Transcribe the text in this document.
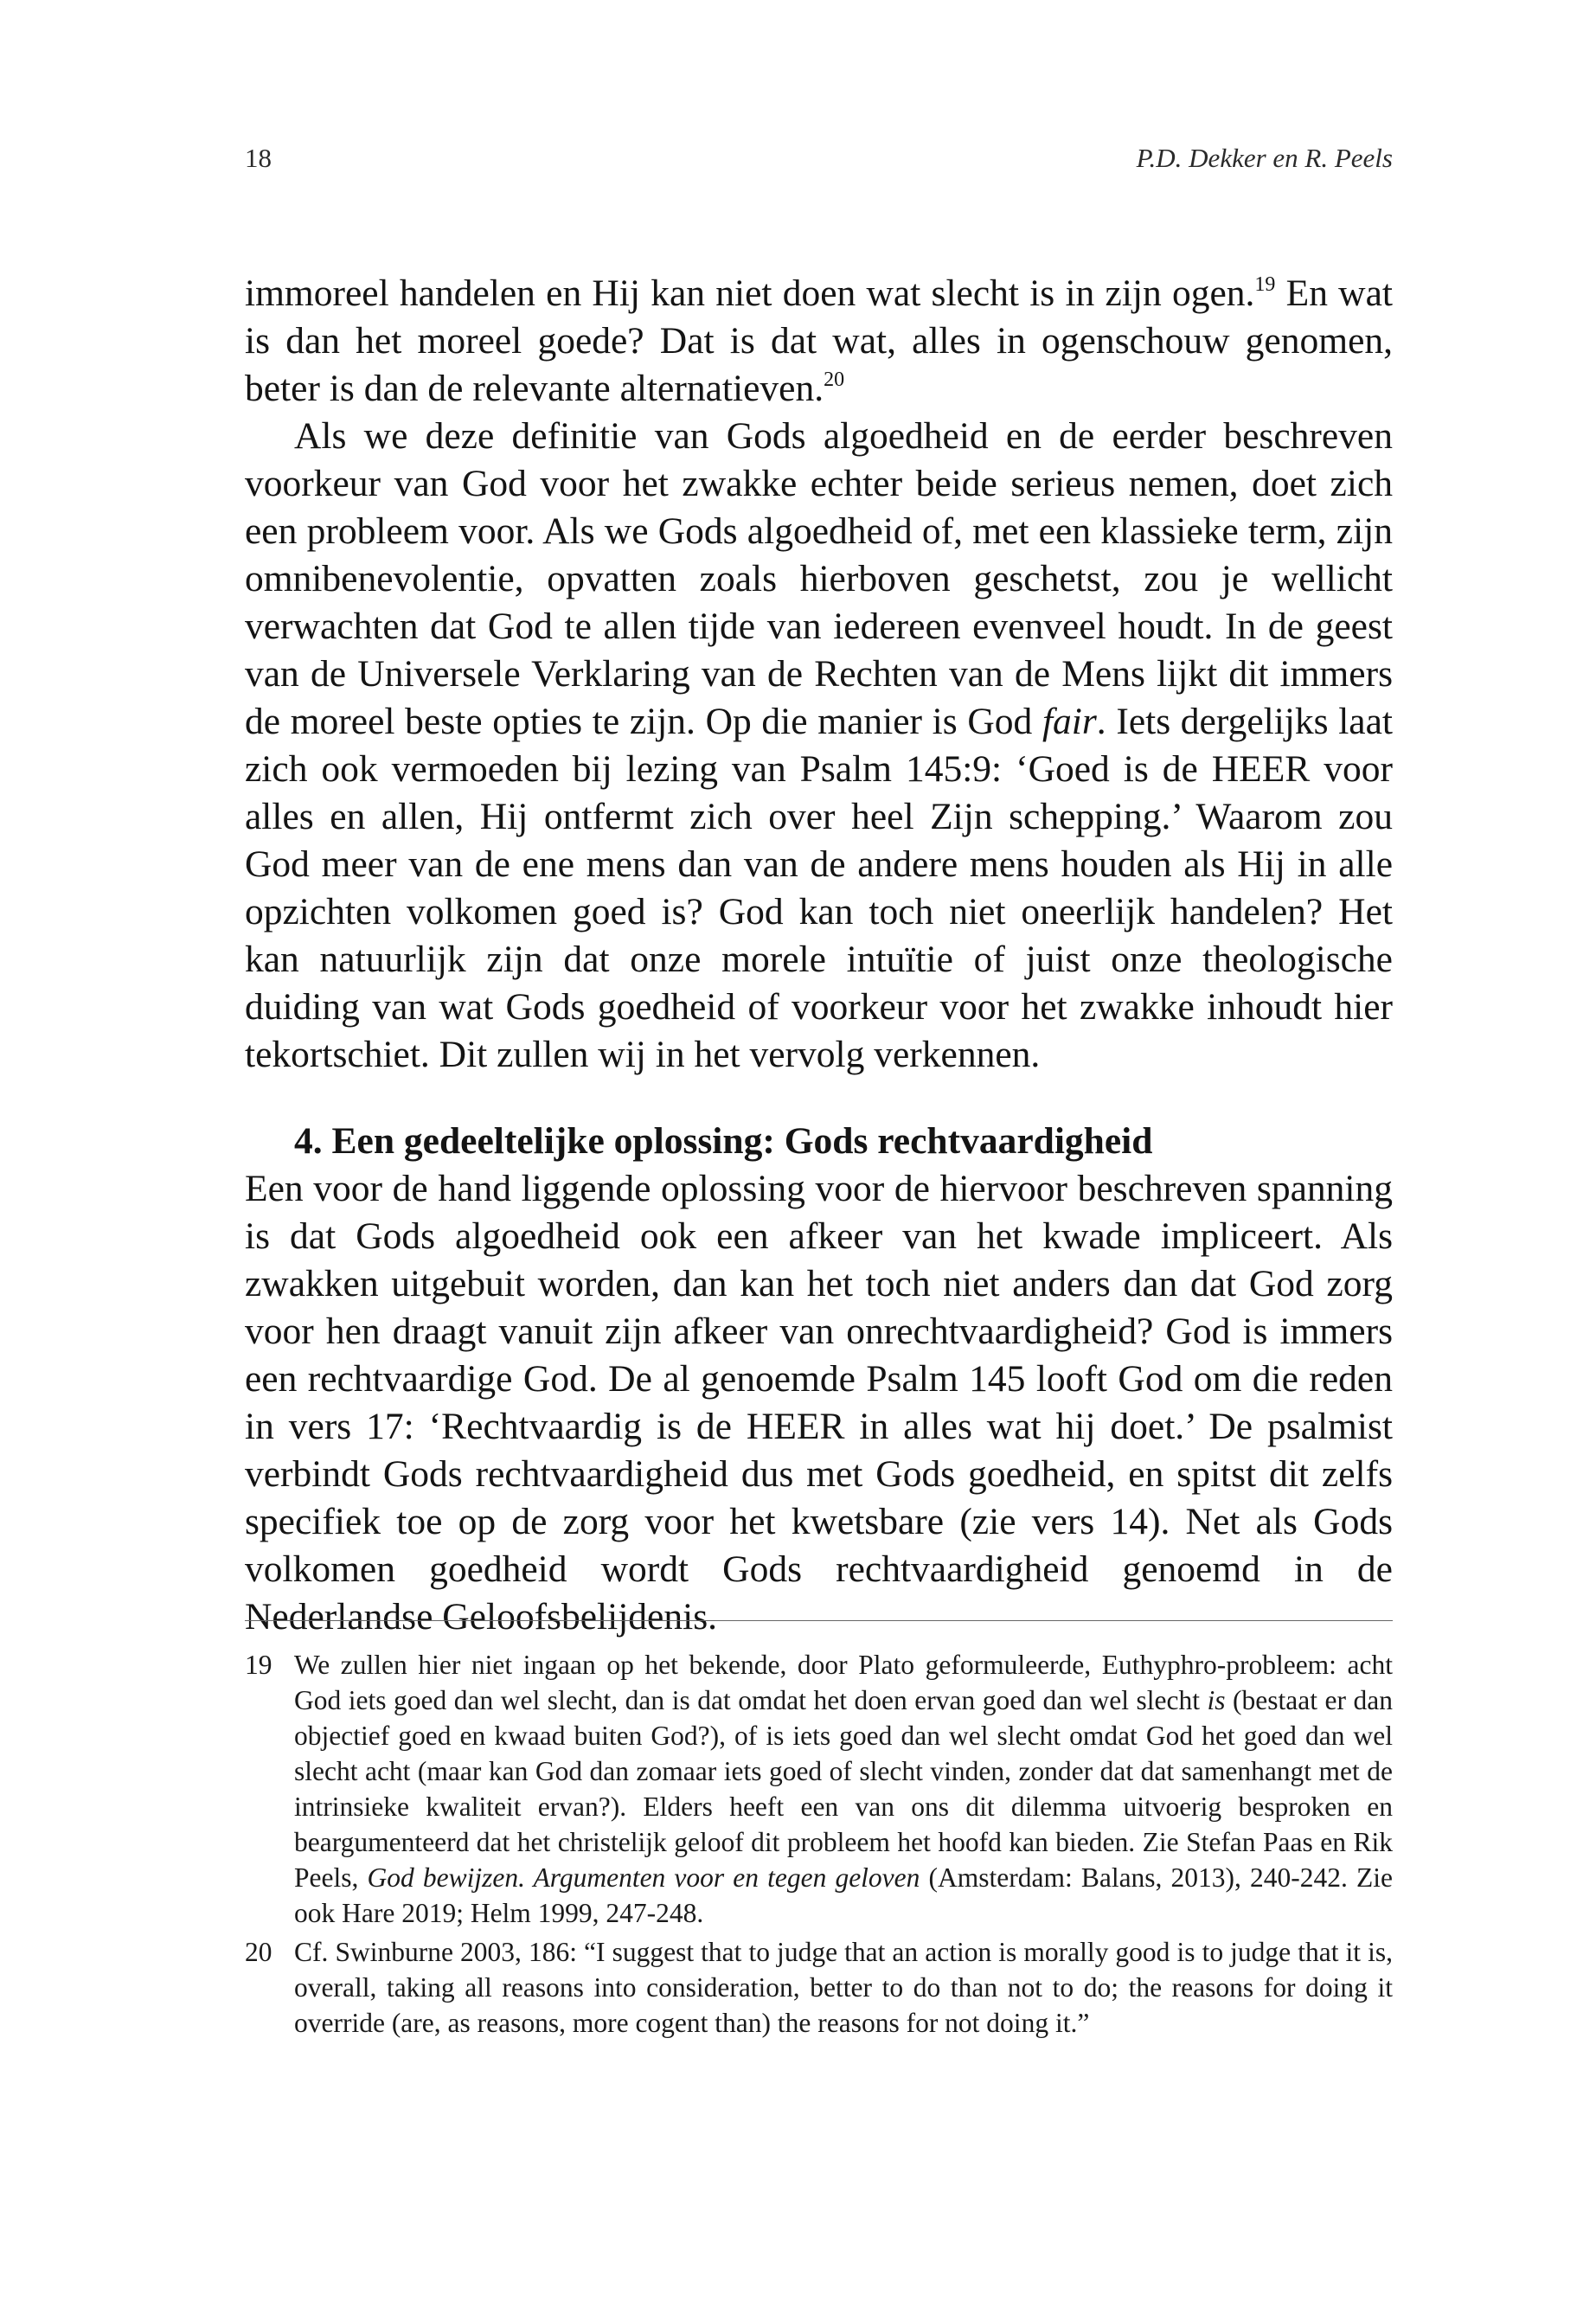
18	P.D. Dekker en R. Peels

immoreel handelen en Hij kan niet doen wat slecht is in zijn ogen.$^{19}$ En wat is dan het moreel goede? Dat is dat wat, alles in ogenschouw genomen, beter is dan de relevante alternatieven.$^{20}$

Als we deze definitie van Gods algoedheid en de eerder beschreven voorkeur van God voor het zwakke echter beide serieus nemen, doet zich een probleem voor. Als we Gods algoedheid of, met een klassieke term, zijn omnibenevolentie, opvatten zoals hierboven geschetst, zou je wellicht verwachten dat God te allen tijde van iedereen evenveel houdt. In de geest van de Universele Verklaring van de Rechten van de Mens lijkt dit immers de moreel beste opties te zijn. Op die manier is God fair. Iets dergelijks laat zich ook vermoeden bij lezing van Psalm 145:9: ‘Goed is de HEER voor alles en allen, Hij ontfermt zich over heel Zijn schepping.’ Waarom zou God meer van de ene mens dan van de andere mens houden als Hij in alle opzichten volkomen goed is? God kan toch niet oneerlijk handelen? Het kan natuurlijk zijn dat onze morele intuïtie of juist onze theologische duiding van wat Gods goedheid of voorkeur voor het zwakke inhoudt hier tekortschiet. Dit zullen wij in het vervolg verkennen.

4. Een gedeeltelijke oplossing: Gods rechtvaardigheid

Een voor de hand liggende oplossing voor de hiervoor beschreven spanning is dat Gods algoedheid ook een afkeer van het kwade impliceert. Als zwakken uitgebuit worden, dan kan het toch niet anders dan dat God zorg voor hen draagt vanuit zijn afkeer van onrechtvaardigheid? God is immers een rechtvaardige God. De al genoemde Psalm 145 looft God om die reden in vers 17: ‘Rechtvaardig is de HEER in alles wat hij doet.’ De psalmist verbindt Gods rechtvaardigheid dus met Gods goedheid, en spitst dit zelfs specifiek toe op de zorg voor het kwetsbare (zie vers 14). Net als Gods volkomen goedheid wordt Gods rechtvaardigheid genoemd in de Nederlandse Geloofsbelijdenis.

19 We zullen hier niet ingaan op het bekende, door Plato geformuleerde, Euthyphro-probleem: acht God iets goed dan wel slecht, dan is dat omdat het doen ervan goed dan wel slecht is (bestaat er dan objectief goed en kwaad buiten God?), of is iets goed dan wel slecht omdat God het goed dan wel slecht acht (maar kan God dan zomaar iets goed of slecht vinden, zonder dat dat samenhangt met de intrinsieke kwaliteit ervan?). Elders heeft een van ons dit dilemma uitvoerig besproken en beargumenteerd dat het christelijk geloof dit probleem het hoofd kan bieden. Zie Stefan Paas en Rik Peels, God bewijzen. Argumenten voor en tegen geloven (Amsterdam: Balans, 2013), 240-242. Zie ook Hare 2019; Helm 1999, 247-248.

20 Cf. Swinburne 2003, 186: “I suggest that to judge that an action is morally good is to judge that it is, overall, taking all reasons into consideration, better to do than not to do; the reasons for doing it override (are, as reasons, more cogent than) the reasons for not doing it.”
